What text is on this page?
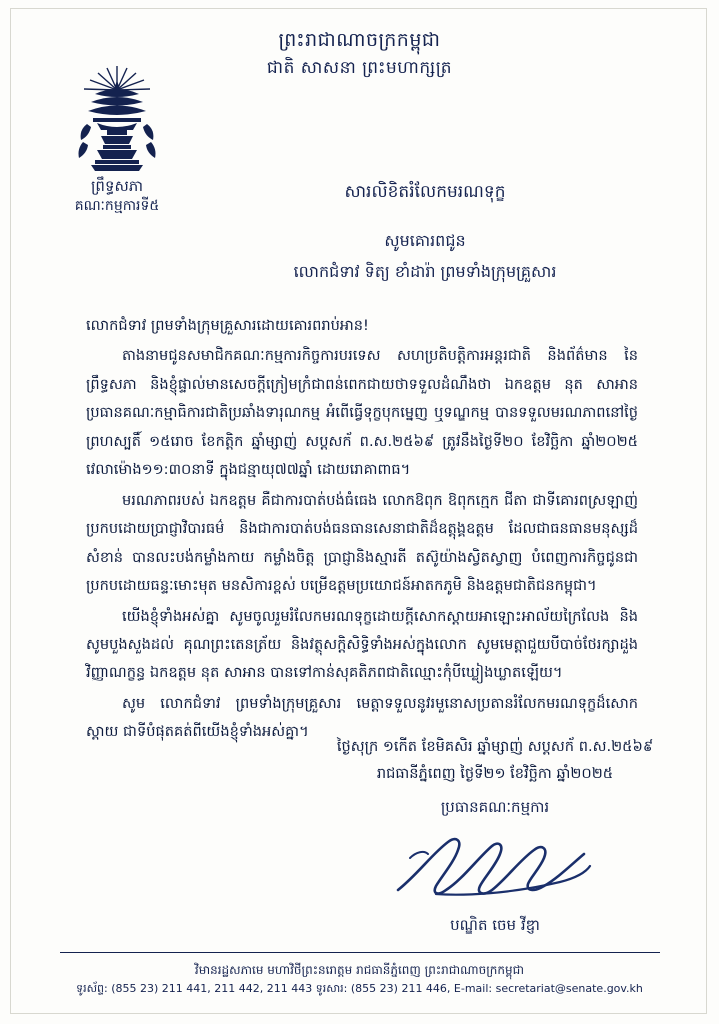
ព្រះរាជាណាចក្រកម្ពុជា
ជាតិ សាសនា ព្រះមហាក្សត្រ
ព្រឹទ្ធសភា
គណៈកម្មការទី៥
សារលិខិតរំលែកមរណទុក្ខ
សូមគោរពជូន
លោកជំទាវ ទិត្យ ខាំដារ៉ា ព្រមទាំងក្រុមគ្រួសារ

លោកជំទាវ ព្រមទាំងក្រុមគ្រួសារដោយគោរពរាប់អាន!

តាងនាមជូនសមាជិកគណៈកម្មការកិច្ចការបរទេស សហប្រតិបត្តិការអន្តរជាតិ និងព័ត៌មាន នៃព្រឹទ្ធសភា និងខ្ញុំផ្ទាល់មានសេចក្តីក្រៀមក្រំជាពន់ពេកជាយថាទទួលដំណឹងថា ឯកឧត្តម នុត សាអាន ប្រធានគណៈកម្មាធិការជាតិប្រឆាំងទារុណកម្ម អំពើធ្វើទុក្ខបុកម្នេញ ឬទណ្ឌកម្ម បានទទួលមរណភាពនៅថ្ងៃព្រហស្បតិ៍ ១៥រោច ខែកត្តិក ឆ្នាំម្សាញ់ សប្តសក័ ព.ស.២៥៦៩ ត្រូវនឹងថ្ងៃទី២០ ខែវិច្ឆិកា ឆ្នាំ២០២៥ វេលាម៉ោង១១:៣០នាទី ក្នុងជន្មាយុ៧៧ឆ្នាំ ដោយរោគាពាធ។

មរណភាពរបស់ ឯកឧត្តម គឺជាការបាត់បង់ធំធេង លោកឱពុក ឱពុកក្មេក ជីតា ជាទីគោរពស្រឡាញ់ប្រកបដោយប្រាជ្ញាវិបារធម៌ និងជាការបាត់បង់ធនធានសេនាជាតិដ៏ឧត្តុង្គឧត្តម ដែលជាធនធានមនុស្សដ៏សំខាន់ បានលះបង់កម្លាំងកាយ កម្លាំងចិត្ត ប្រាជ្ញានិងស្មារតី តស៊ូយ៉ាងស្វិតស្វាញ បំពេញការកិច្ចជូនជាប្រកបដោយធន្ទៈមោះមុត មនសិការខ្ពស់ បម្រើឧត្តមប្រយោជន៍អាតកភូមិ និងឧត្តមជាតិជនកម្ពុជា។

យើងខ្ញុំទាំងអស់គ្នា សូមចូលរួមរំលែកមរណទុក្ខដោយក្តីសោកស្តាយអាឡោះអាល័យក្រៃលែង និងសូមបួងសួងដល់ គុណព្រះតេនត្រ័យ និងវត្ថុសក្ដិសិទ្ធិទាំងអស់ក្នុងលោក សូមមេត្តាជួយបីបាច់ថែរក្សាដួងវិញ្ញាណក្ខន្ធ ឯកឧត្តម នុត សាអាន បានទៅកាន់សុគតិភពជាតិឈ្មោះកុំបីឃ្លៀងឃ្លាតឡើយ។

សូម លោកជំទាវ ព្រមទាំងក្រុមគ្រួសារ មេត្តាទទួលនូវរមួនោសប្រតានរំលែកមរណទុក្ខដ៏សោកស្តាយ ជាទីបំផុតគត់ពីយើងខ្ញុំទាំងអស់គ្នា។

ថ្ងៃសុក្រ ១កើត ខែមិគសិរ ឆ្នាំម្សាញ់ សប្តសក័ ព.ស.២៥៦៩
រាជធានីភ្នំពេញ ថ្ងៃទី២១ ខែវិច្ឆិកា ឆ្នាំ២០២៥
ប្រធានគណៈកម្មការ
បណ្ឌិត ចេម វីឌ្ញា
វិមានរដ្ឋសភាមេ មហាវិថីព្រះនរោត្តម រាជធានីភ្នំពេញ ព្រះរាជាណាចក្រកម្ពុជា
ទូរស័ព្ទ: (855 23) 211 441, 211 442, 211 443 ទូរសារ: (855 23) 211 446, E-mail: secretariat@senate.gov.kh
